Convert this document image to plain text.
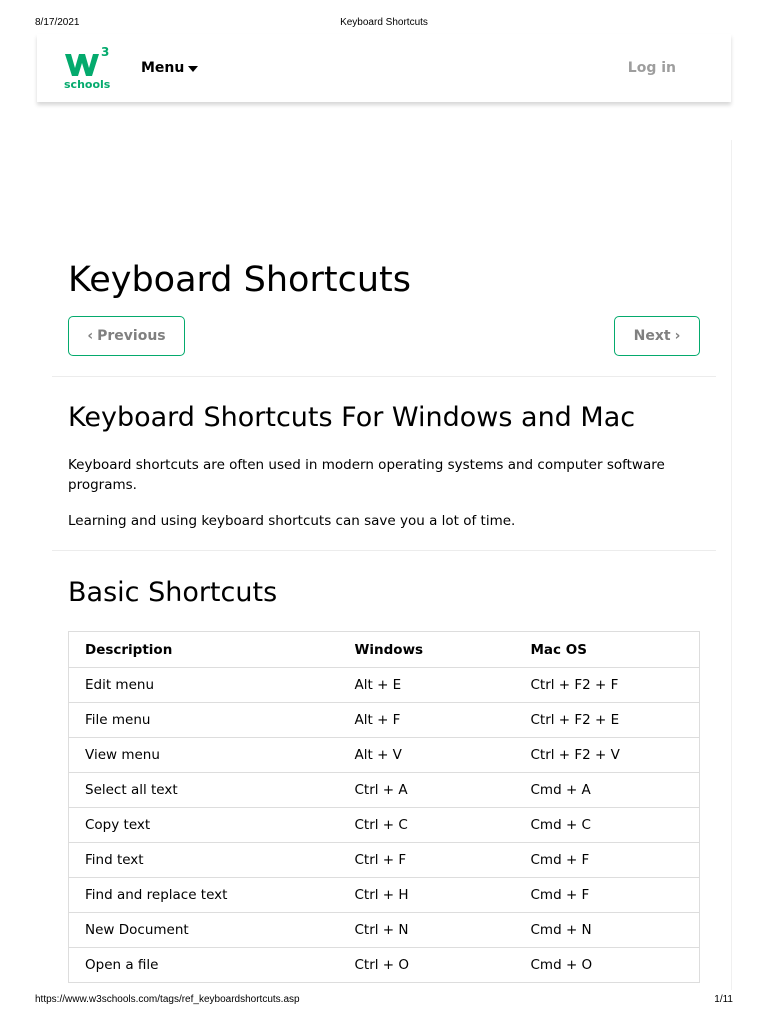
8/17/2021	Keyboard Shortcuts
3
schools
Menu	Log in
Keyboard Shortcuts
‹ Previous	Next ›
Keyboard Shortcuts For Windows and Mac

Keyboard shortcuts are often used in modern operating systems and computer software programs.

Learning and using keyboard shortcuts can save you a lot of time.

Basic Shortcuts
Description	Windows	Mac OS
Edit menu	Alt + E	Ctrl + F2 + F
File menu	Alt + F	Ctrl + F2 + E
View menu	Alt + V	Ctrl + F2 + V
Select all text	Ctrl + A	Cmd + A
Copy text	Ctrl + C	Cmd + C
Find text	Ctrl + F	Cmd + F
Find and replace text	Ctrl + H	Cmd + F
New Document	Ctrl + N	Cmd + N
Open a file	Ctrl + O	Cmd + O
https://www.w3schools.com/tags/ref_keyboardshortcuts.asp	1/11
